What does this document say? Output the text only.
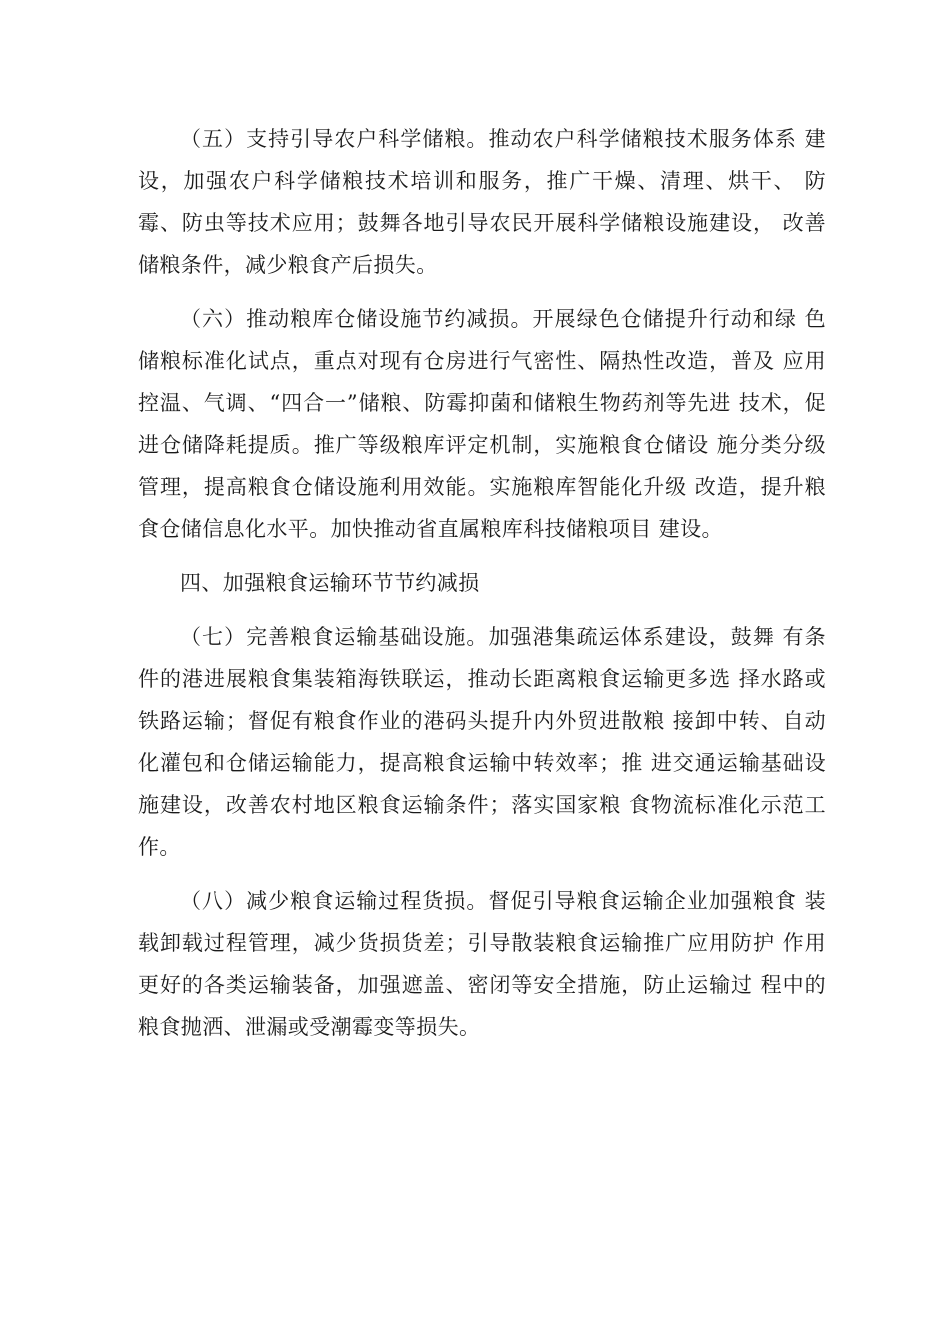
（五）支持引导农户科学储粮。推动农户科学储粮技术服务体系 建设，加强农户科学储粮技术培训和服务，推广干燥、清理、烘干、 防霉、防虫等技术应用；鼓舞各地引导农民开展科学储粮设施建设， 改善储粮条件，减少粮食产后损失。

（六）推动粮库仓储设施节约减损。开展绿色仓储提升行动和绿 色储粮标准化试点，重点对现有仓房进行气密性、隔热性改造，普及 应用控温、气调、“四合一”储粮、防霉抑菌和储粮生物药剂等先进 技术，促进仓储降耗提质。推广等级粮库评定机制，实施粮食仓储设 施分类分级管理，提高粮食仓储设施利用效能。实施粮库智能化升级 改造，提升粮食仓储信息化水平。加快推动省直属粮库科技储粮项目 建设。

四、加强粮食运输环节节约减损

（七）完善粮食运输基础设施。加强港集疏运体系建设，鼓舞 有条件的港进展粮食集装箱海铁联运，推动长距离粮食运输更多选 择水路或铁路运输；督促有粮食作业的港码头提升内外贸进散粮 接卸中转、自动化灌包和仓储运输能力，提高粮食运输中转效率；推 进交通运输基础设施建设，改善农村地区粮食运输条件；落实国家粮 食物流标准化示范工作。

（八）减少粮食运输过程货损。督促引导粮食运输企业加强粮食 装载卸载过程管理，减少货损货差；引导散装粮食运输推广应用防护 作用更好的各类运输装备，加强遮盖、密闭等安全措施，防止运输过 程中的粮食抛洒、泄漏或受潮霉变等损失。
